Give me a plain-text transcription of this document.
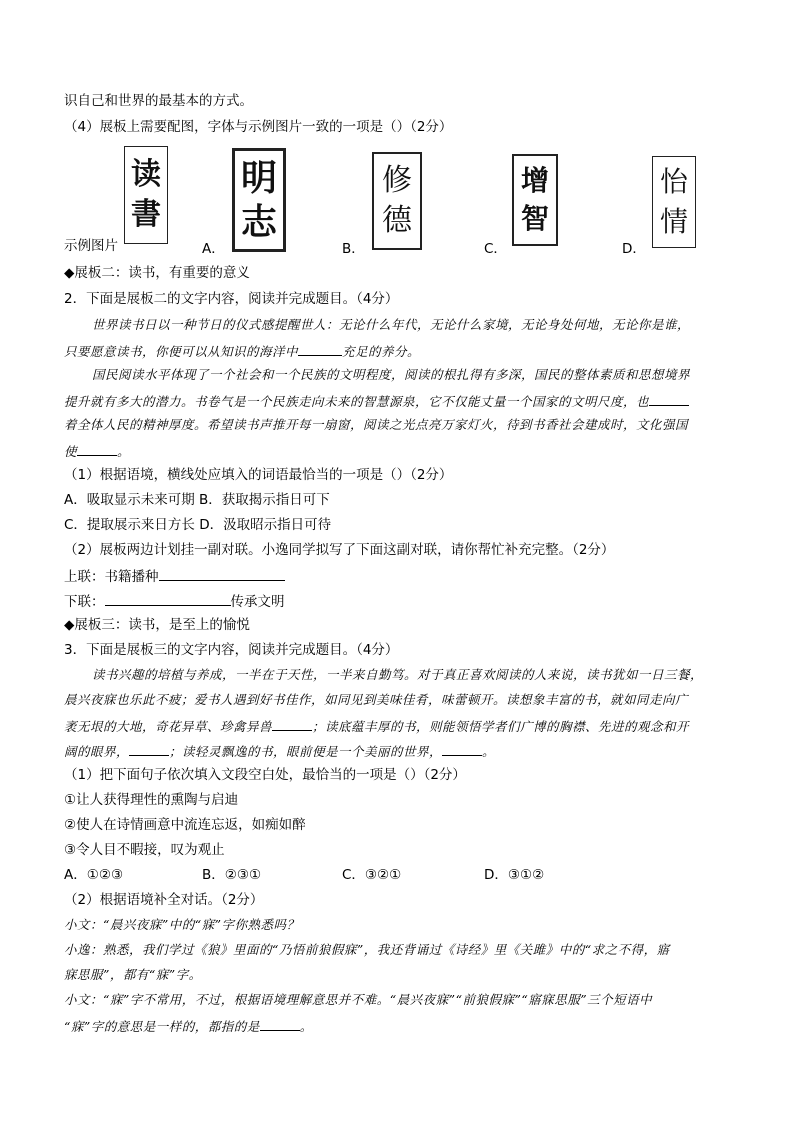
识自己和世界的最基本的方式。
（4）展板上需要配图，字体与示例图片一致的一项是（）（2分）
示例图片
读
書
A．
明
志
B．
修
德
C．
增
智
D．
怡
情
◆展板二：读书，有重要的意义
2．下面是展板二的文字内容，阅读并完成题目。（4分）
世界读书日以一种节日的仪式感提醒世人：无论什么年代，无论什么家境，无论身处何地，无论你是谁，
只要愿意读书，你便可以从知识的海洋中	充足的养分。
国民阅读水平体现了一个社会和一个民族的文明程度，阅读的根扎得有多深，国民的整体素质和思想境界
提升就有多大的潜力。书卷气是一个民族走向未来的智慧源泉，它不仅能丈量一个国家的文明尺度，也
着全体人民的精神厚度。希望读书声推开每一扇窗，阅读之光点亮万家灯火，待到书香社会建成时，文化强国
使	。
（1）根据语境，横线处应填入的词语最恰当的一项是（）（2分）
A．吸取显示未来可期 B．获取揭示指日可下
C．提取展示来日方长 D．汲取昭示指日可待
（2）展板两边计划挂一副对联。小逸同学拟写了下面这副对联，请你帮忙补充完整。（2分）
上联：书籍播种
下联：	传承文明
◆展板三：读书，是至上的愉悦
3．下面是展板三的文字内容，阅读并完成题目。（4分）
读书兴趣的培植与养成，一半在于天性，一半来自勤笃。对于真正喜欢阅读的人来说，读书犹如一日三餐，
晨兴夜寐也乐此不疲；爱书人遇到好书佳作，如同见到美味佳肴，味蕾顿开。读想象丰富的书，就如同走向广
袤无垠的大地，奇花异草、珍禽异兽	；读底蕴丰厚的书，则能领悟学者们广博的胸襟、先进的观念和开
阔的眼界，	；读轻灵飘逸的书，眼前便是一个美丽的世界，	。
（1）把下面句子依次填入文段空白处，最恰当的一项是（）（2分）
①让人获得理性的熏陶与启迪
②使人在诗情画意中流连忘返，如痴如醉
③令人目不暇接，叹为观止
A．①②③	B．②③①	C．③②①	D．③①②
（2）根据语境补全对话。（2分）
小文：“晨兴夜寐”中的“寐”字你熟悉吗？
小逸：熟悉，我们学过《狼》里面的“乃悟前狼假寐”，我还背诵过《诗经》里《关雎》中的“求之不得，寤
寐思服”，都有“寐”字。
小文：“寐”字不常用，不过，根据语境理解意思并不难。“晨兴夜寐”“前狼假寐”“寤寐思服”三个短语中
“寐”字的意思是一样的，都指的是	。
